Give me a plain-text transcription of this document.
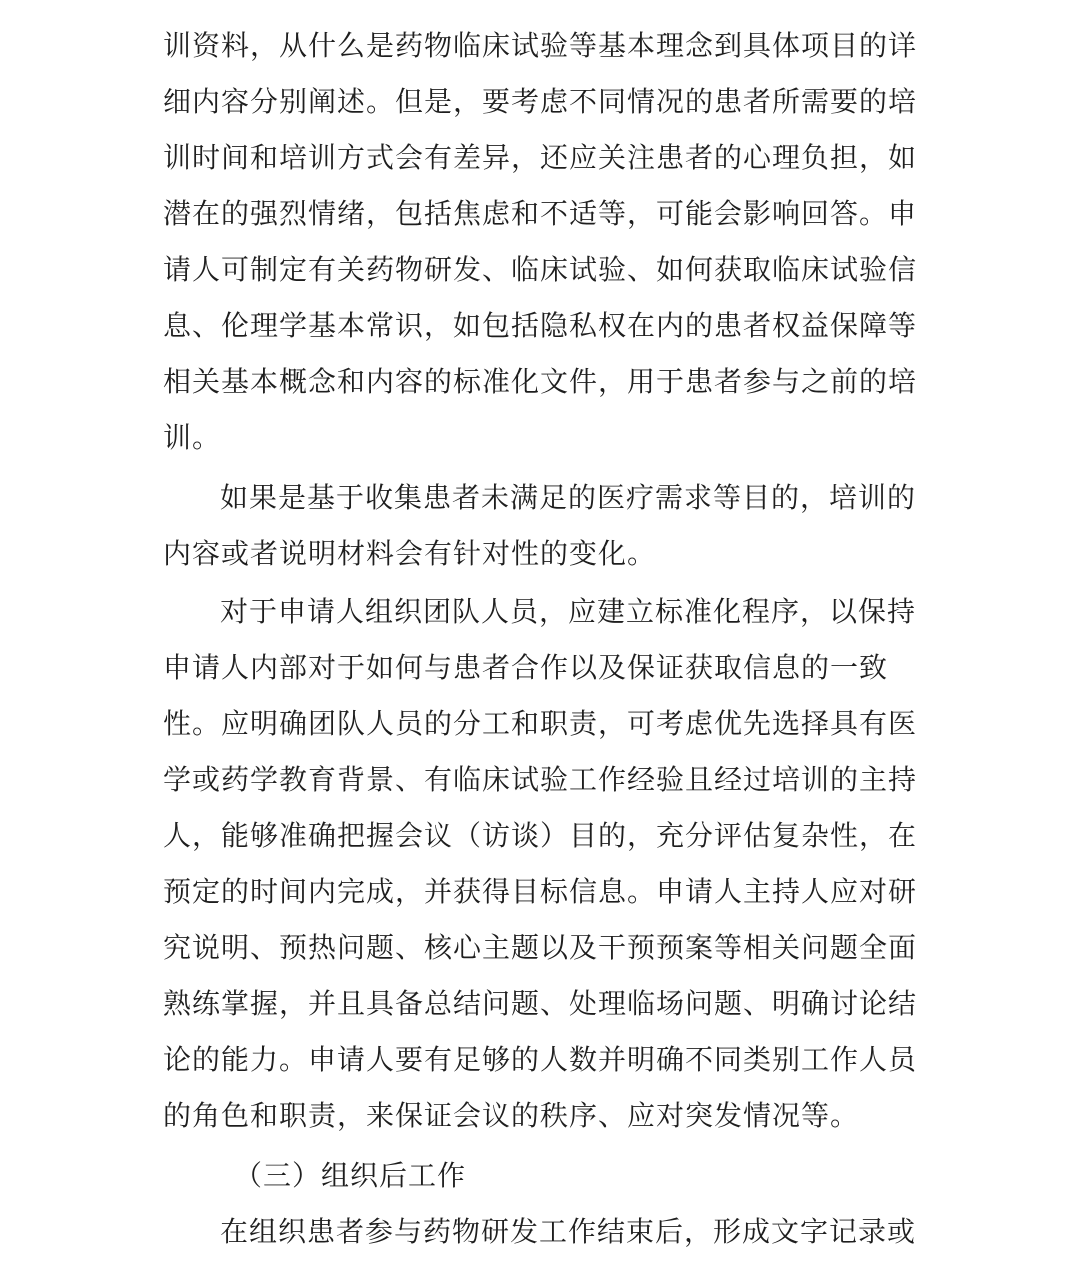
训资料，从什么是药物临床试验等基本理念到具体项目的详
细内容分别阐述。但是，要考虑不同情况的患者所需要的培
训时间和培训方式会有差异，还应关注患者的心理负担，如
潜在的强烈情绪，包括焦虑和不适等，可能会影响回答。申
请人可制定有关药物研发、临床试验、如何获取临床试验信
息、伦理学基本常识，如包括隐私权在内的患者权益保障等
相关基本概念和内容的标准化文件，用于患者参与之前的培
训。
如果是基于收集患者未满足的医疗需求等目的，培训的
内容或者说明材料会有针对性的变化。
对于申请人组织团队人员，应建立标准化程序，以保持
申请人内部对于如何与患者合作以及保证获取信息的一致
性。应明确团队人员的分工和职责，可考虑优先选择具有医
学或药学教育背景、有临床试验工作经验且经过培训的主持
人，能够准确把握会议（访谈）目的，充分评估复杂性，在
预定的时间内完成，并获得目标信息。申请人主持人应对研
究说明、预热问题、核心主题以及干预预案等相关问题全面
熟练掌握，并且具备总结问题、处理临场问题、明确讨论结
论的能力。申请人要有足够的人数并明确不同类别工作人员
的角色和职责，来保证会议的秩序、应对突发情况等。
（三）组织后工作
在组织患者参与药物研发工作结束后，形成文字记录或
